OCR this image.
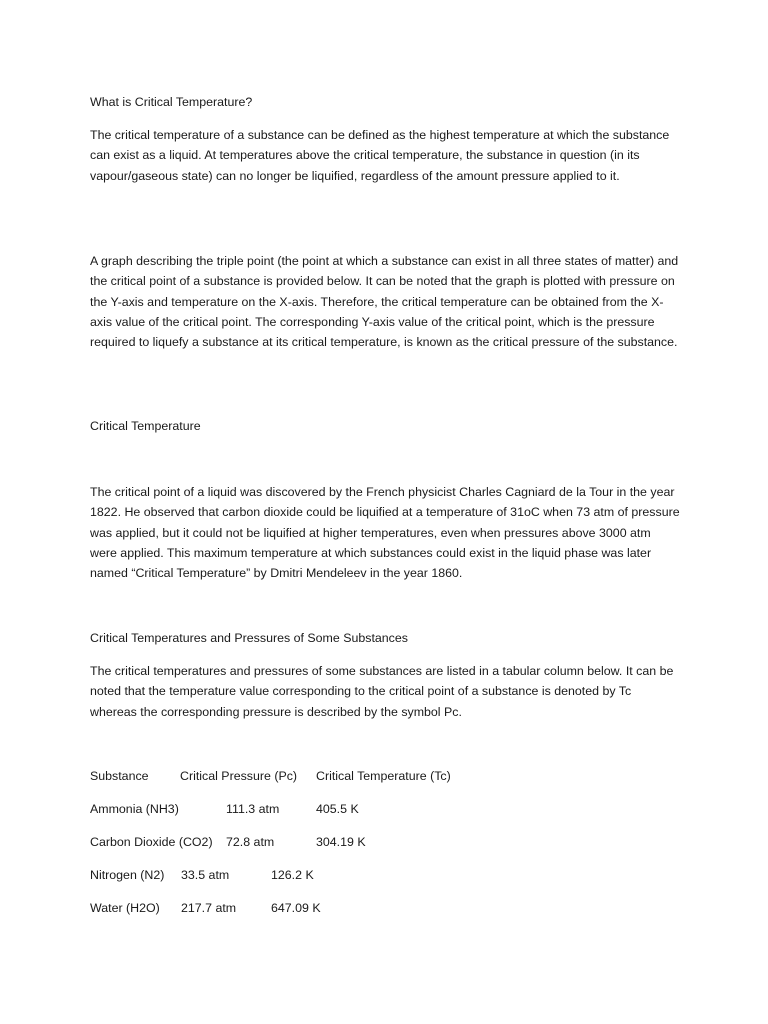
What is Critical Temperature?

The critical temperature of a substance can be defined as the highest temperature at which the substance can exist as a liquid. At temperatures above the critical temperature, the substance in question (in its vapour/gaseous state) can no longer be liquified, regardless of the amount pressure applied to it.

A graph describing the triple point (the point at which a substance can exist in all three states of matter) and the critical point of a substance is provided below. It can be noted that the graph is plotted with pressure on the Y-axis and temperature on the X-axis. Therefore, the critical temperature can be obtained from the X-axis value of the critical point. The corresponding Y-axis value of the critical point, which is the pressure required to liquefy a substance at its critical temperature, is known as the critical pressure of the substance.

Critical Temperature

The critical point of a liquid was discovered by the French physicist Charles Cagniard de la Tour in the year 1822. He observed that carbon dioxide could be liquified at a temperature of 31oC when 73 atm of pressure was applied, but it could not be liquified at higher temperatures, even when pressures above 3000 atm were applied. This maximum temperature at which substances could exist in the liquid phase was later named “Critical Temperature” by Dmitri Mendeleev in the year 1860.

Critical Temperatures and Pressures of Some Substances

The critical temperatures and pressures of some substances are listed in a tabular column below. It can be noted that the temperature value corresponding to the critical point of a substance is denoted by Tc whereas the corresponding pressure is described by the symbol Pc.

Substance	Critical Pressure (Pc) Critical Temperature (Tc)
Ammonia (NH3)	111.3 atm	405.5 K
Carbon Dioxide (CO2) 72.8 atm	304.19 K
Nitrogen (N2) 33.5 atm	126.2 K
Water (H2O) 217.7 atm	647.09 K
